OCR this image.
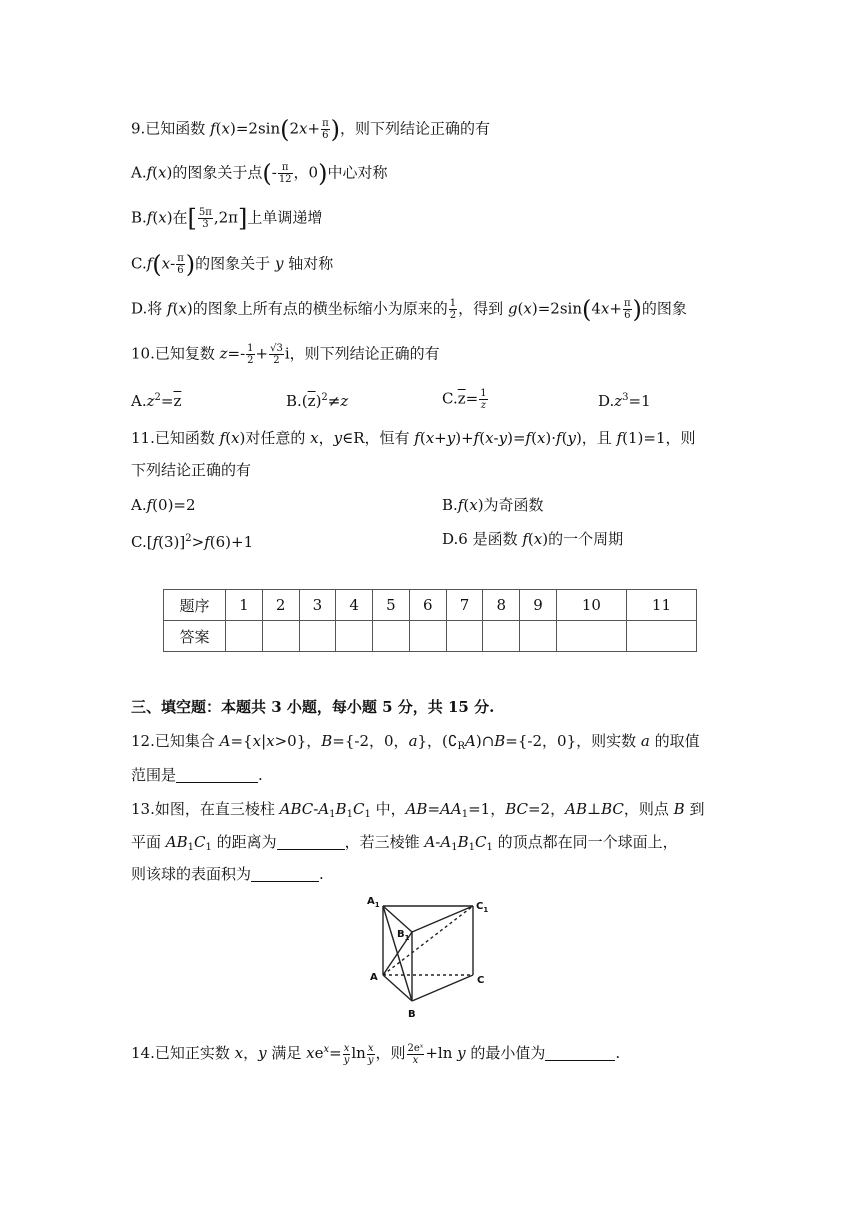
9.已知函数 $f(x)=2\sin(2x+ \frac{\pi}{6}$ )，则下列结论正确的有
A.f(x)的图象关于点(- $\frac{\pi}{12}$ ，0)中心对称
B.f(x)在[ $\frac{5\pi}{3} ,2\pi$]上单调递增
$C.f(x- \frac{\pi}{6}$ )的图象关于 y 轴对称
D.将 f(x)的图象上所有点的横坐标缩小为原来的 $\frac{1}{2}$ ，得到 $g(x)=2\sin(4x+ \frac{\pi}{6}$ )的图象
10.已知复数 $z=- \frac{1}{2} + \frac{√3}{2}$ i，则下列结论正确的有
$A.z^2=\overline{z}$	$B.(\overline{z})^2\ne z$	$C.\overline{z}= \frac{1}{z}$	$D.z^3=1$
11.已知函数 f(x)对任意的 x，y∈R，恒有 f(x+y)+f(x-y)=f(x)·f(y)，且 f(1)=1，则
下列结论正确的有
A.f(0)=2	B.f(x)为奇函数
$C.[f(3)]^2>f(6)+1$	D.6 是函数 f(x)的一个周期
题序	1	2	3	4	5	6	7	8	9	10	11
答案											
三、填空题：本题共 3 小题，每小题 5 分，共 15 分.
12.已知集合 A={x|x>0}，B={-2，0，a}，$(∁_RA)\cap B=\{-2$，0}，则实数 a 的取值
范围是	.
13.如图，在直三棱柱 ABC-$A_1B_1C_1$ 中，$AB=AA_1=1$，BC=2，AB⊥BC，则点 B 到
平面 $AB_1C_1$ 的距离为	，若三棱锥 $A-A_1B_1C_1$ 的顶点都在同一个球面上，
则该球的表面积为	.
$A_1$
$B_1$
$C_1$
A
B
C
14.已知正实数 x，y 满足 $xe^x= \frac{x}{y}$ $\ln \frac{x}{y}$ ，则 $\frac{\text{2eˣ}}{x} +\ln$ y 的最小值为	.
